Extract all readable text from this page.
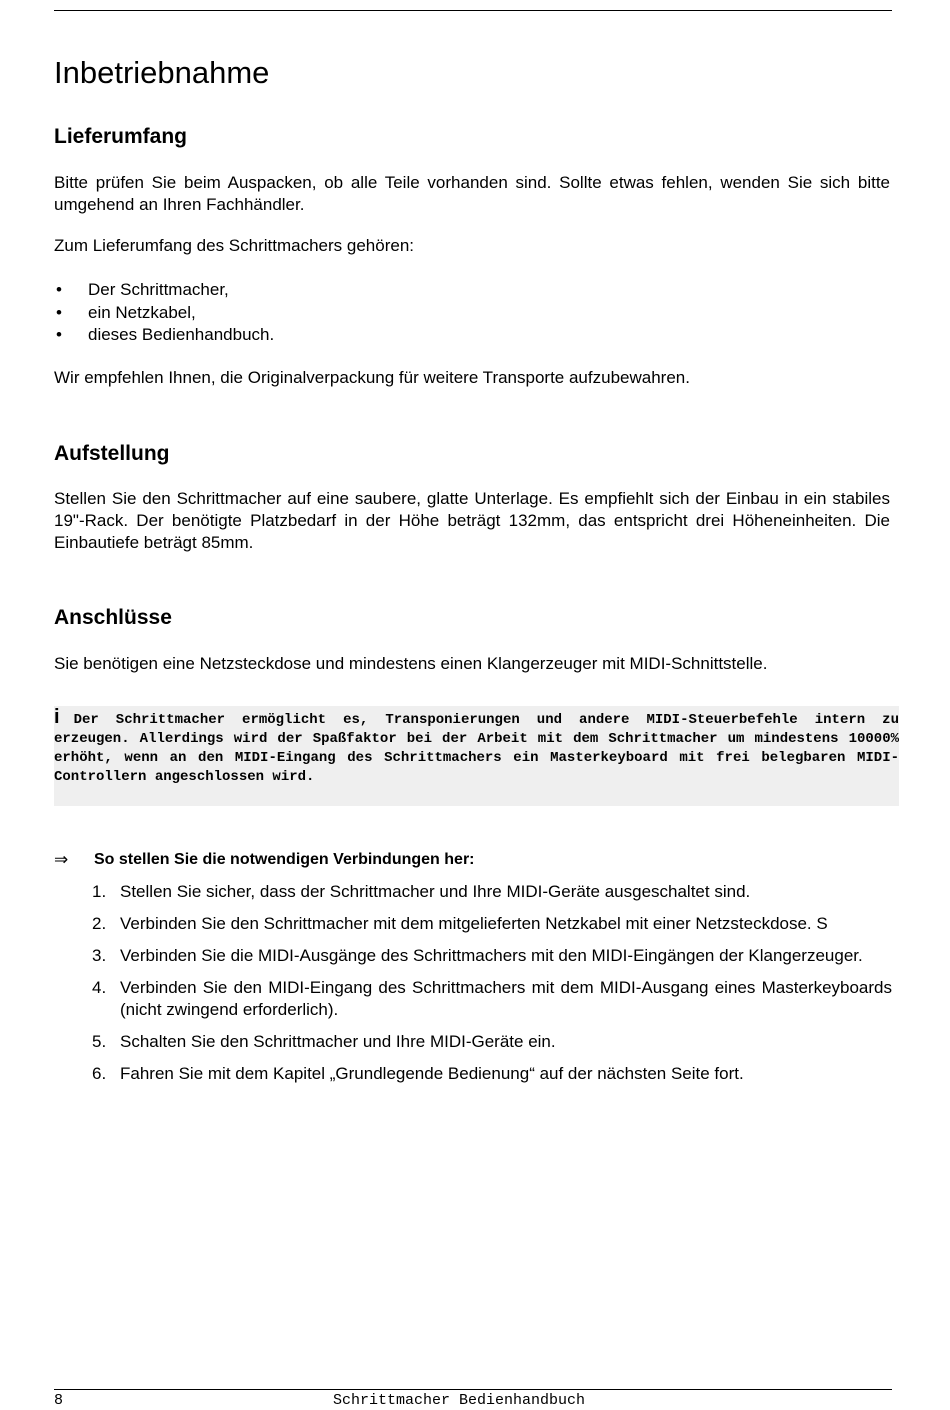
Inbetriebnahme
Lieferumfang

Bitte prüfen Sie beim Auspacken, ob alle Teile vorhanden sind. Sollte etwas fehlen, wenden Sie sich bitte umgehend an Ihren Fachhändler.

Zum Lieferumfang des Schrittmachers gehören:

• Der Schrittmacher,
• ein Netzkabel,
• dieses Bedienhandbuch.

Wir empfehlen Ihnen, die Originalverpackung für weitere Transporte aufzubewahren.

Aufstellung

Stellen Sie den Schrittmacher auf eine saubere, glatte Unterlage. Es empfiehlt sich der Einbau in ein stabiles 19"-Rack. Der benötigte Platzbedarf in der Höhe beträgt 132mm, das entspricht drei Höheneinheiten. Die Einbautiefe beträgt 85mm.

Anschlüsse

Sie benötigen eine Netzsteckdose und mindestens einen Klangerzeuger mit MIDI-Schnittstelle.

i Der Schrittmacher ermöglicht es, Transponierungen und andere MIDI-Steuerbefehle intern zu erzeugen. Allerdings wird der Spaßfaktor bei der Arbeit mit dem Schrittmacher um mindestens 10000% erhöht, wenn an den MIDI-Eingang des Schrittmachers ein Masterkeyboard mit frei belegbaren MIDI-Controllern angeschlossen wird.
⇒ So stellen Sie die notwendigen Verbindungen her:
1. Stellen Sie sicher, dass der Schrittmacher und Ihre MIDI-Geräte ausgeschaltet sind.
2. Verbinden Sie den Schrittmacher mit dem mitgelieferten Netzkabel mit einer Netzsteckdose. S
3. Verbinden Sie die MIDI-Ausgänge des Schrittmachers mit den MIDI-Eingängen der Klangerzeuger.
4. Verbinden Sie den MIDI-Eingang des Schrittmachers mit dem MIDI-Ausgang eines Masterkeyboards (nicht zwingend erforderlich).
5. Schalten Sie den Schrittmacher und Ihre MIDI-Geräte ein.
6. Fahren Sie mit dem Kapitel „Grundlegende Bedienung“ auf der nächsten Seite fort.
8	Schrittmacher Bedienhandbuch
